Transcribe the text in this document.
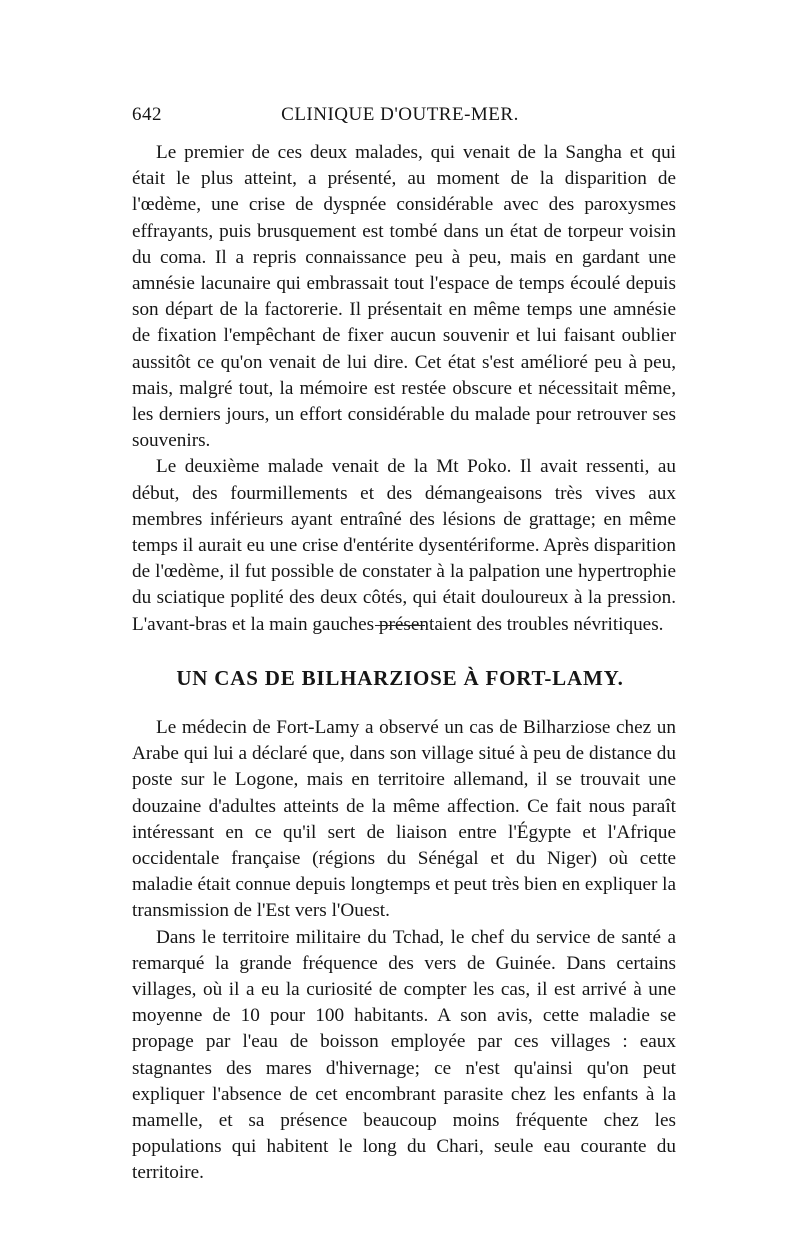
642	CLINIQUE D'OUTRE-MER.

Le premier de ces deux malades, qui venait de la Sangha et qui était le plus atteint, a présenté, au moment de la disparition de l'œdème, une crise de dyspnée considérable avec des paroxysmes effrayants, puis brusquement est tombé dans un état de torpeur voisin du coma. Il a repris connaissance peu à peu, mais en gardant une amnésie lacunaire qui embrassait tout l'espace de temps écoulé depuis son départ de la factorerie. Il présentait en même temps une amnésie de fixation l'empêchant de fixer aucun souvenir et lui faisant oublier aussitôt ce qu'on venait de lui dire. Cet état s'est amélioré peu à peu, mais, malgré tout, la mémoire est restée obscure et nécessitait même, les derniers jours, un effort considérable du malade pour retrouver ses souvenirs.

Le deuxième malade venait de la Mt Poko. Il avait ressenti, au début, des fourmillements et des démangeaisons très vives aux membres inférieurs ayant entraîné des lésions de grattage; en même temps il aurait eu une crise d'entérite dysentériforme. Après disparition de l'œdème, il fut possible de constater à la palpation une hypertrophie du sciatique poplité des deux côtés, qui était douloureux à la pression. L'avant-bras et la main gauches présentaient des troubles névritiques.

UN CAS DE BILHARZIOSE À FORT-LAMY.

Le médecin de Fort-Lamy a observé un cas de Bilharziose chez un Arabe qui lui a déclaré que, dans son village situé à peu de distance du poste sur le Logone, mais en territoire allemand, il se trouvait une douzaine d'adultes atteints de la même affection. Ce fait nous paraît intéressant en ce qu'il sert de liaison entre l'Égypte et l'Afrique occidentale française (régions du Sénégal et du Niger) où cette maladie était connue depuis longtemps et peut très bien en expliquer la transmission de l'Est vers l'Ouest.

Dans le territoire militaire du Tchad, le chef du service de santé a remarqué la grande fréquence des vers de Guinée. Dans certains villages, où il a eu la curiosité de compter les cas, il est arrivé à une moyenne de 10 pour 100 habitants. A son avis, cette maladie se propage par l'eau de boisson employée par ces villages : eaux stagnantes des mares d'hivernage; ce n'est qu'ainsi qu'on peut expliquer l'absence de cet encombrant parasite chez les enfants à la mamelle, et sa présence beaucoup moins fréquente chez les populations qui habitent le long du Chari, seule eau courante du territoire.
